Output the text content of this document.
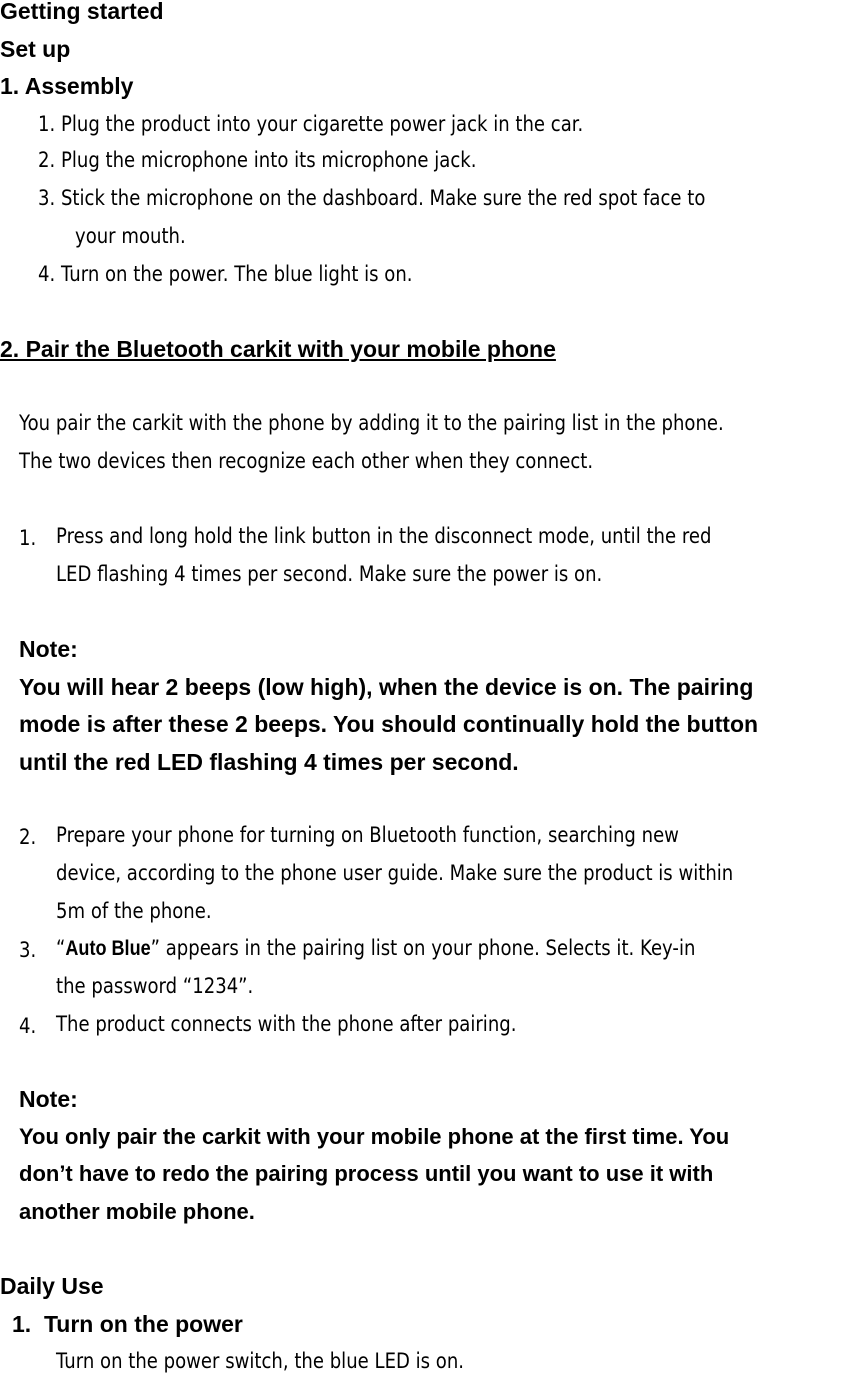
Getting started
Set up
1. Assembly
1. Plug the product into your cigarette power jack in the car.
2. Plug the microphone into its microphone jack.
3. Stick the microphone on the dashboard. Make sure the red spot face to
your mouth.
4. Turn on the power. The blue light is on.
2. Pair the Bluetooth carkit with your mobile phone
You pair the carkit with the phone by adding it to the pairing list in the phone.
The two devices then recognize each other when they connect.
1. Press and long hold the link button in the disconnect mode, until the red
LED flashing 4 times per second. Make sure the power is on.
Note:
You will hear 2 beeps (low high), when the device is on. The pairing
mode is after these 2 beeps. You should continually hold the button
until the red LED flashing 4 times per second.
2. Prepare your phone for turning on Bluetooth function, searching new
device, according to the phone user guide. Make sure the product is within
5m of the phone.
3. “Auto Blue” appears in the pairing list on your phone. Selects it. Key-in
the password “1234”.
4. The product connects with the phone after pairing.
Note:
You only pair the carkit with your mobile phone at the first time. You
don’t have to redo the pairing process until you want to use it with
another mobile phone.
Daily Use
1.  Turn on the power
Turn on the power switch, the blue LED is on.
